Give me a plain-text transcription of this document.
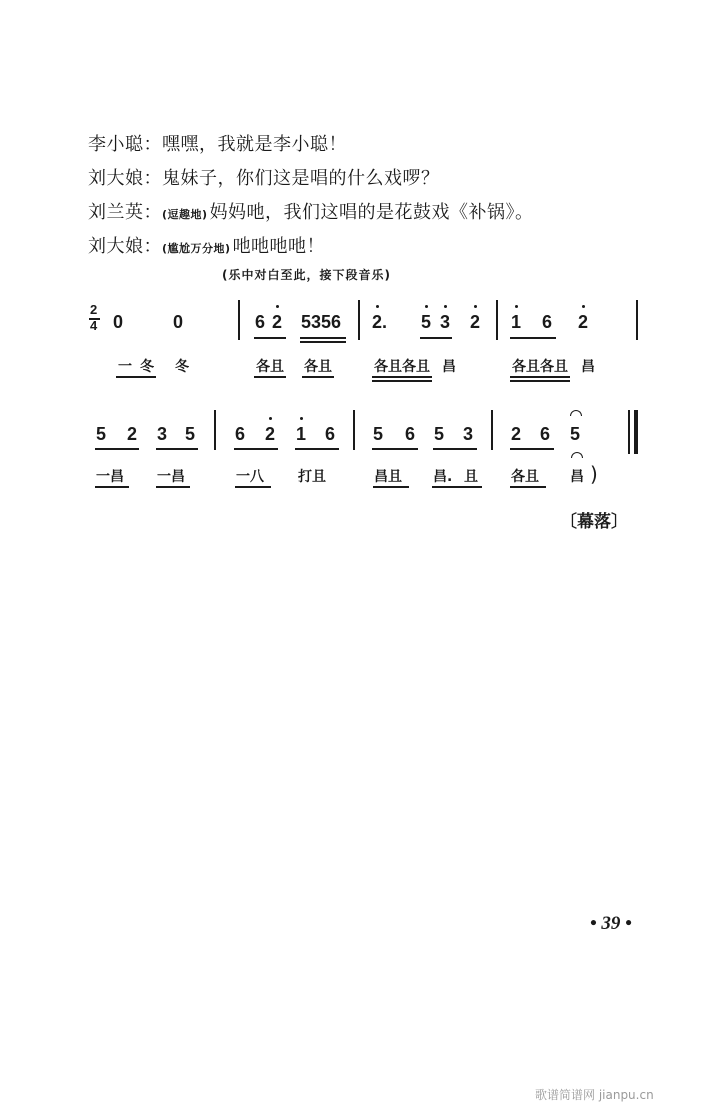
李小聪：嘿嘿，我就是李小聪！
刘大娘：鬼妹子，你们这是唱的什么戏啰？
刘兰英：(逗趣地) 妈妈吔，我们这唱的是花鼓戏《补锅》。
刘大娘：(尴尬万分地) 吔吔吔吔！
(乐中对白至此，接下段音乐)
2
4 0	0	6 2 5356 2. 5 3 2 1 6 2
一 冬 冬	各且 各且	各且各且 昌	各且各且 昌
5 2 3 5 6 2 1 6 5 6 5 3 2 6 5
一昌 一昌	一八 打且	昌且 昌. 且 各且 昌 )
〔幕落〕
• 39 •
歌谱简谱网 jianpu.cn
